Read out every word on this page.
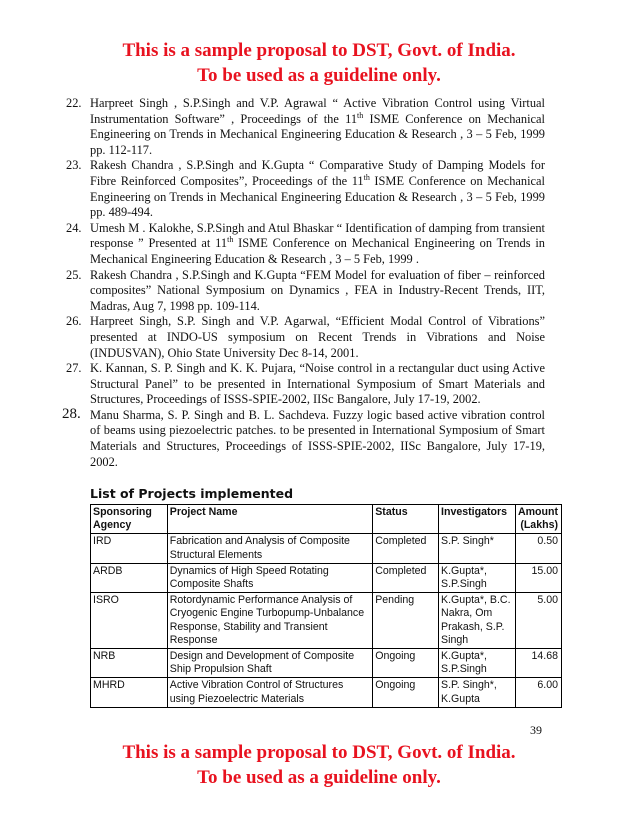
This is a sample proposal to DST, Govt. of India.
To be used as a guideline only.
22. Harpreet Singh , S.P.Singh and V.P. Agrawal “ Active Vibration Control using Virtual Instrumentation Software” , Proceedings of the 11th ISME Conference on Mechanical Engineering on Trends in Mechanical Engineering Education & Research , 3 – 5 Feb, 1999 pp. 112-117.
23. Rakesh Chandra , S.P.Singh and K.Gupta “ Comparative Study of Damping Models for Fibre Reinforced Composites”, Proceedings of the 11th ISME Conference on Mechanical Engineering on Trends in Mechanical Engineering Education & Research , 3 – 5 Feb, 1999 pp. 489-494.
24. Umesh M . Kalokhe, S.P.Singh and Atul Bhaskar “ Identification of damping from transient response ” Presented at 11th ISME Conference on Mechanical Engineering on Trends in Mechanical Engineering Education & Research , 3 – 5 Feb, 1999 .
25. Rakesh Chandra , S.P.Singh and K.Gupta “FEM Model for evaluation of fiber – reinforced composites” National Symposium on Dynamics , FEA in Industry-Recent Trends, IIT, Madras, Aug 7, 1998 pp. 109-114.
26. Harpreet Singh, S.P. Singh and V.P. Agarwal, “Efficient Modal Control of Vibrations” presented at INDO-US symposium on Recent Trends in Vibrations and Noise (INDUSVAN), Ohio State University Dec 8-14, 2001.
27. K. Kannan, S. P. Singh and K. K. Pujara, “Noise control in a rectangular duct using Active Structural Panel” to be presented in International Symposium of Smart Materials and Structures, Proceedings of ISSS-SPIE-2002, IISc Bangalore, July 17-19, 2002.
28. Manu Sharma, S. P. Singh and B. L. Sachdeva. Fuzzy logic based active vibration control of beams using piezoelectric patches. to be presented in International Symposium of Smart Materials and Structures, Proceedings of ISSS-SPIE-2002, IISc Bangalore, July 17-19, 2002.
List of Projects implemented
Sponsoring Agency	Project Name	Status	Investigators	Amount (Lakhs)
IRD	Fabrication and Analysis of Composite Structural Elements	Completed	S.P. Singh*	0.50
ARDB	Dynamics of High Speed Rotating Composite Shafts	Completed	K.Gupta*, S.P.Singh	15.00
ISRO	Rotordynamic Performance Analysis of Cryogenic Engine Turbopump-Unbalance Response, Stability and Transient Response	Pending	K.Gupta*, B.C. Nakra, Om Prakash, S.P. Singh	5.00
NRB	Design and Development of Composite Ship Propulsion Shaft	Ongoing	K.Gupta*, S.P.Singh	14.68
MHRD	Active Vibration Control of Structures using Piezoelectric Materials	Ongoing	S.P. Singh*, K.Gupta	6.00
39
This is a sample proposal to DST, Govt. of India.
To be used as a guideline only.
